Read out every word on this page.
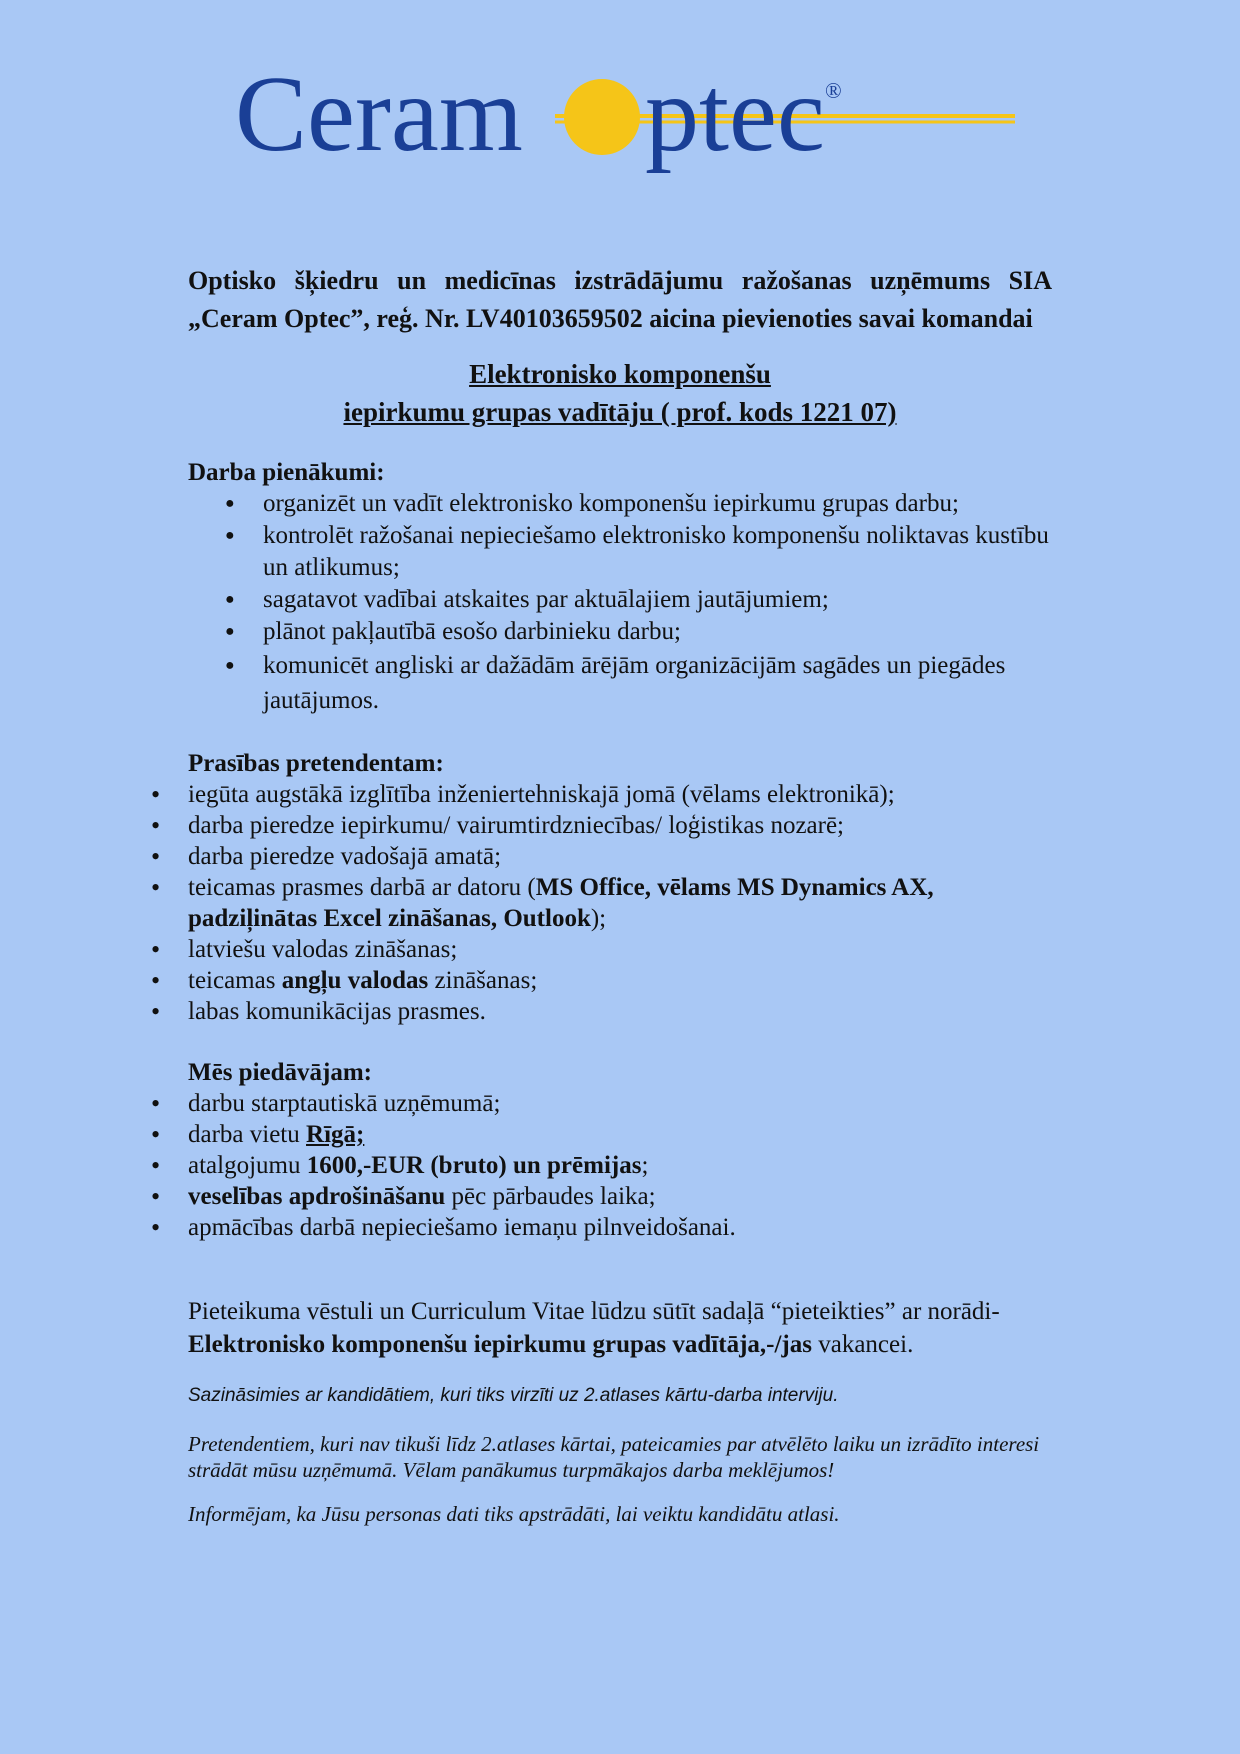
Ceram ptec ®

Optisko šķiedru un medicīnas izstrādājumu ražošanas uzņēmums SIA „Ceram Optec”, reģ. Nr. LV40103659502 aicina pievienoties savai komandai

Elektronisko komponenšu
iepirkumu grupas vadītāju ( prof. kods 1221 07)
Darba pienākumi:
● organizēt un vadīt elektronisko komponenšu iepirkumu grupas darbu;
● kontrolēt ražošanai nepieciešamo elektronisko komponenšu noliktavas kustību un atlikumus;
● sagatavot vadībai atskaites par aktuālajiem jautājumiem;
● plānot pakļautībā esošo darbinieku darbu;
● komunicēt angliski ar dažādām ārējām organizācijām sagādes un piegādes jautājumos.
Prasības pretendentam:
• iegūta augstākā izglītība inženiertehniskajā jomā (vēlams elektronikā);
• darba pieredze iepirkumu/ vairumtirdzniecības/ loģistikas nozarē;
• darba pieredze vadošajā amatā;
• teicamas prasmes darbā ar datoru (MS Office, vēlams MS Dynamics AX, padziļinātas Excel zināšanas, Outlook);
• latviešu valodas zināšanas;
• teicamas angļu valodas zināšanas;
• labas komunikācijas prasmes.
Mēs piedāvājam:
• darbu starptautiskā uzņēmumā;
• darba vietu Rīgā;
• atalgojumu 1600,-EUR (bruto) un prēmijas;
• veselības apdrošināšanu pēc pārbaudes laika;
• apmācības darbā nepieciešamo iemaņu pilnveidošanai.
Pieteikuma vēstuli un Curriculum Vitae lūdzu sūtīt sadaļā “pieteikties” ar norādi-
Elektronisko komponenšu iepirkumu grupas vadītāja,-/jas vakancei.
Sazināsimies ar kandidātiem, kuri tiks virzīti uz 2.atlases kārtu-darba interviju.
Pretendentiem, kuri nav tikuši līdz 2.atlases kārtai, pateicamies par atvēlēto laiku un izrādīto interesi strādāt mūsu uzņēmumā. Vēlam panākumus turpmākajos darba meklējumos!
Informējam, ka Jūsu personas dati tiks apstrādāti, lai veiktu kandidātu atlasi.
